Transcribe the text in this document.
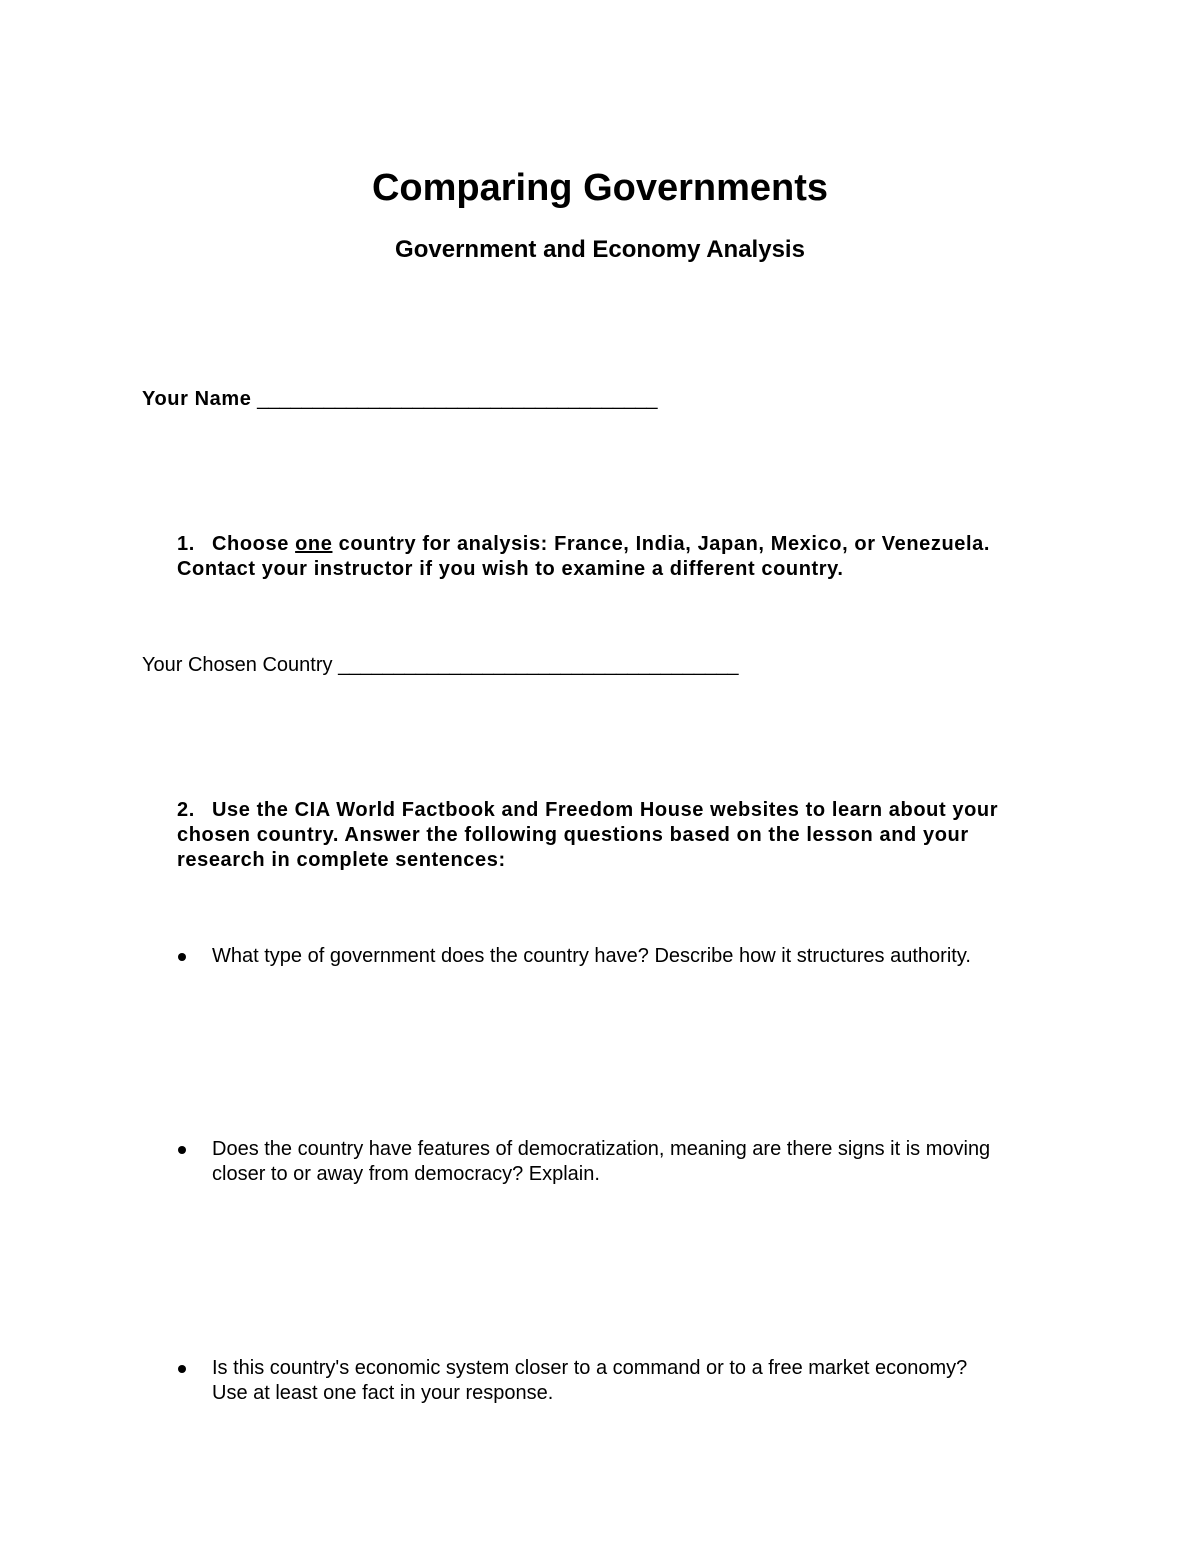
Comparing Governments
Government and Economy Analysis
Your Name ____________________________________
1. Choose one country for analysis: France, India, Japan, Mexico, or Venezuela.
Contact your instructor if you wish to examine a different country.
Your Chosen Country ____________________________________
2. Use the CIA World Factbook and Freedom House websites to learn about your
chosen country. Answer the following questions based on the lesson and your
research in complete sentences:
What type of government does the country have? Describe how it structures authority.
Does the country have features of democratization, meaning are there signs it is moving
closer to or away from democracy? Explain.
Is this country's economic system closer to a command or to a free market economy?
Use at least one fact in your response.
